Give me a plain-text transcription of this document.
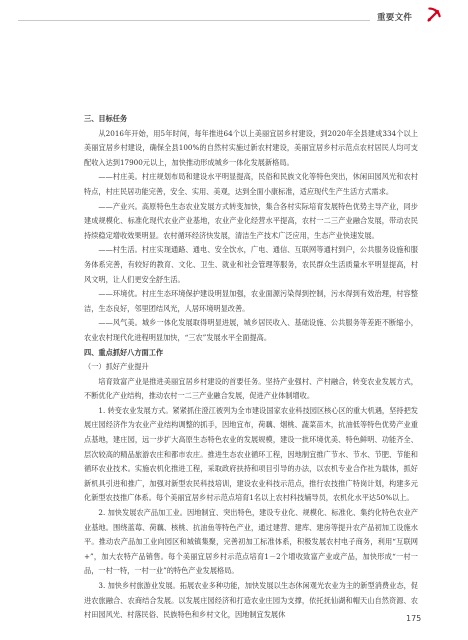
重要文件

三、目标任务

从2016年开始，用5年时间，每年推进64个以上美丽宜居乡村建设，到2020年全县建成334个以上美丽宜居乡村建设，确保全县100%的自然村实施过新农村建设，美丽宜居乡村示范点农村居民人均可支配收入达到17900元以上，加快推动形成城乡一体化发展新格局。

——村庄美。村庄规划布局和建设水平明显提高，民俗和民族文化等特色突出，休闲田园风光和农村特点，村庄民居功能完善，安全、实用、美观，达到全面小康标准，适应现代生产生活方式需求。

——产业兴。高原特色生态农业发展方式转变加快，集合各村实际培育发展特色优势主导产业，同步建成规模化、标准化现代农业产业基地，农业产业化经营水平提高，农村一二三产业融合发展，带动农民持续稳定增收效果明显。农村循环经济快发展，清洁生产技术广泛应用，生态产业快速发展。

——村生活。村庄实现通路、通电、安全饮水，广电、通信、互联网等通村到户，公共服务设施和服务体系完善，有较好的教育、文化、卫生、就业和社会管理等服务，农民群众生活质量水平明显提高，村风文明，让人们更安全舒生活。

——环境优。村庄生态环境保护建设明显加强，农业面源污染得到控制，污水得到有效治理，村容整洁，生态良好，邻里团结风光，人居环境明显改善。

——风气美。城乡一体化发展取得明显进展，城乡居民收入、基础设施、公共服务等差距不断缩小，农业农村现代化进程明显加快，“三农”发展水平全面提高。

四、重点抓好八方面工作

（一）抓好产业提升

培育致富产业是推进美丽宜居乡村建设的首要任务。坚持产业强村、产村融合，转变农业发展方式，不断优化产业结构，推动农村一二三产业融合发展，促进产业体制增收。

1. 转变农业发展方式。紧紧抓住澄江被列为全市建设国家农业科技园区核心区的重大机遇，坚持把发展庄园经济作为农业产业结构调整的抓手，因地宜布，荷藕、烟桃、蔬菜苗木，抗油低等特色优势产业重点基地，建庄园，远一步扩大高原生态特色农业的发展规模，建设一批环境优美、特色鲜明、功能齐全、层次较高的精品旅游农庄和都市农庄。推进生态农业循环工程，因地制宜推广节水、节水、节肥、节能和循环农业技术。实施农机化推进工程，采取政府扶持和项目引导的办法，以农机专业合作社为载体，抓好新机具引进和推广，加强对新型农民科技培训，建设农业科技示范点，推行农技推广特岗计划，构建多元化新型农技推广体系。每个美丽宜居乡村示范点培育1名以上农村科技辅导员，农机化水平达50%以上。

2. 加快发展农产品加工业。因地制宜、突出特色，建设专业化、规模化、标准化、集约化特色农业产业基地。围绕蓝莓、荷藕、核桃、抗油鱼等特色产业，通过建营、建库、建房等提升农产品初加工设施水平。推动农产品加工业向园区和城镇集聚，完善初加工标准体系，积极发展农村电子商务，利用“互联网+”，加大农特产品销售。每个美丽宜居乡村示范点培育1－2个增收致富产业或产品，加快形成“一村一品，一村一特，一村一业”的特色产业发展格局。

3. 加快乡村旅游业发展。拓展农业多种功能，加快发展以生态休闲观光农业为主的新型消费业态，促进农旅融合、农商结合发展。以发展庄园经济和打造农业庄园为支撑，依托抚仙湖和帽天山自然资源、农村田园风光、村落民俗、民族特色和乡村文化，因地制宜发展休	175
